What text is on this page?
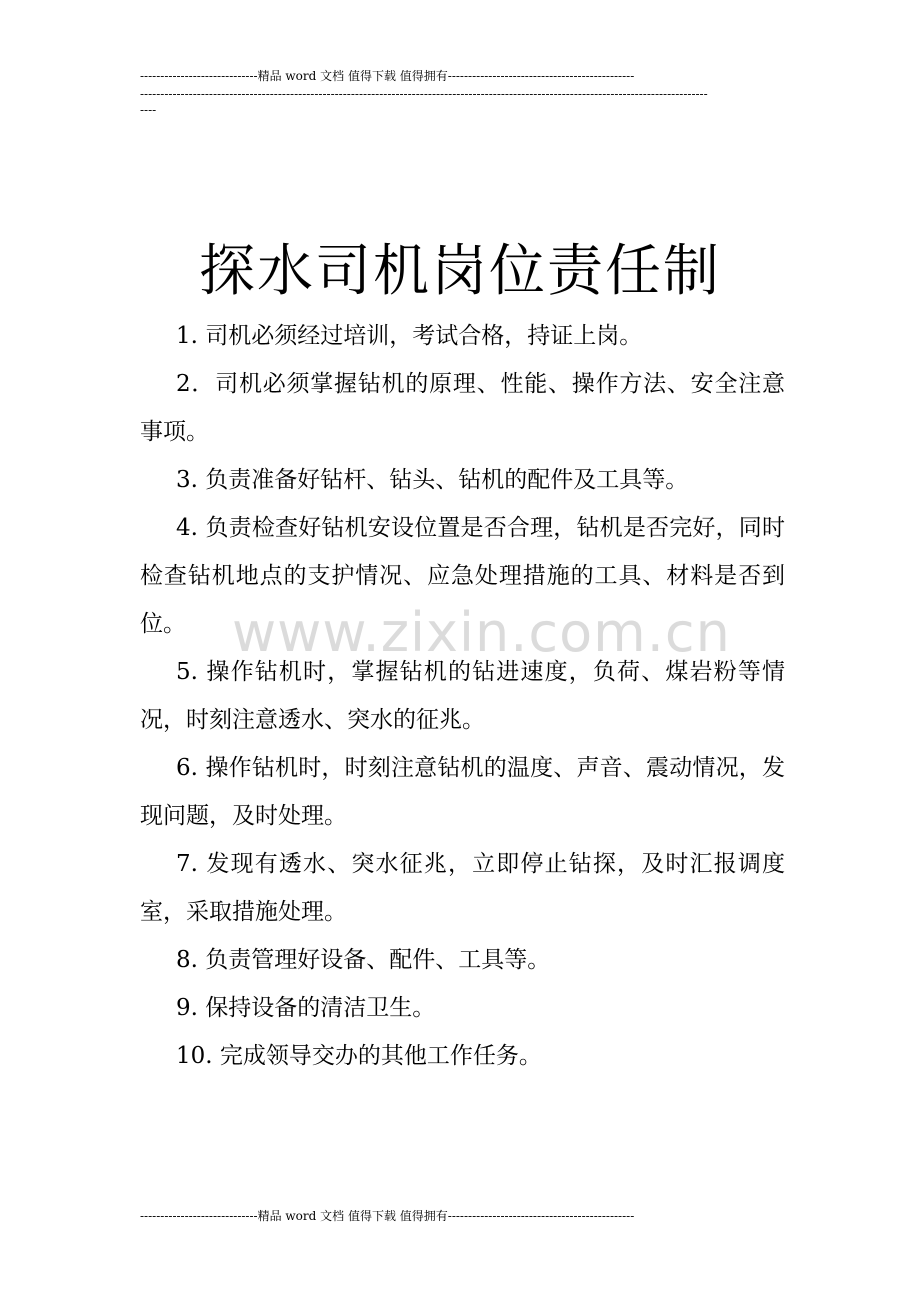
-----------------------------精品 word 文档 值得下载 值得拥有----------------------------------------------
--------------------------------------------------------------------------------------------------------------------------------------------
----
探水司机岗位责任制

1. 司机必须经过培训，考试合格，持证上岗。

2．司机必须掌握钻机的原理、性能、操作方法、安全注意事项。

3. 负责准备好钻杆、钻头、钻机的配件及工具等。

4. 负责检查好钻机安设位置是否合理，钻机是否完好，同时检查钻机地点的支护情况、应急处理措施的工具、材料是否到位。

5. 操作钻机时，掌握钻机的钻进速度，负荷、煤岩粉等情况，时刻注意透水、突水的征兆。

6. 操作钻机时，时刻注意钻机的温度、声音、震动情况，发现问题，及时处理。

7. 发现有透水、突水征兆，立即停止钻探，及时汇报调度室，采取措施处理。

8. 负责管理好设备、配件、工具等。

9. 保持设备的清洁卫生。

10. 完成领导交办的其他工作任务。

www.zixin.com.cn
-----------------------------精品 word 文档 值得下载 值得拥有----------------------------------------------
